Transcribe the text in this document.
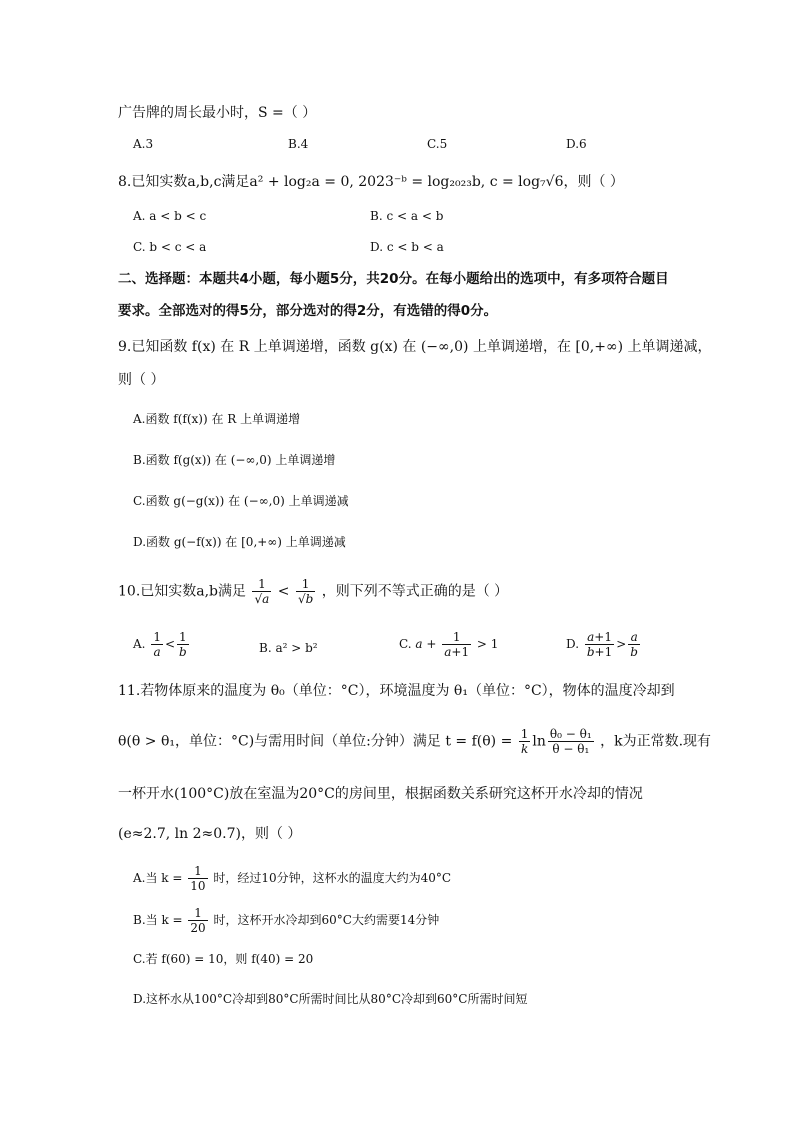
广告牌的周长最小时，S =（ ）
A.3	B.4	C.5	D.6
8.已知实数a,b,c满足a² + log₂a = 0, 2023⁻ᵇ = log₂₀₂₃b, c = log₇√6，则（ ）
A. a < b < c	B. c < a < b
C. b < c < a	D. c < b < a
二、选择题：本题共4小题，每小题5分，共20分。在每小题给出的选项中，有多项符合题目
要求。全部选对的得5分，部分选对的得2分，有选错的得0分。
9.已知函数 f(x) 在 R 上单调递增，函数 g(x) 在 (−∞,0) 上单调递增，在 [0,+∞) 上单调递减，
则（ ）
A.函数 f(f(x)) 在 R 上单调递增
B.函数 f(g(x)) 在 (−∞,0) 上单调递增
C.函数 g(−g(x)) 在 (−∞,0) 上单调递减
D.函数 g(−f(x)) 在 [0,+∞) 上单调递减
10.已知实数a,b满足 $\frac{1}{√a} < \frac{1}{√b}$ ，则下列不等式正确的是（ ）
A. $\frac{1}{a} < \frac{1}{b}$	B. a² > b²	C. $a + \frac{1}{a+1} > 1$	D. $\frac{a+1}{b+1} > \frac{a}{b}$
11.若物体原来的温度为 θ₀（单位：°C），环境温度为 θ₁（单位：°C），物体的温度冷却到
θ(θ > θ₁，单位：°C)与需用时间（单位:分钟）满足 $t = f(\theta) = \frac{1}{k}$ $\ln \frac{\text{θ₀ − θ₁}}{\text{θ − θ₁}}$ ，k为正常数.现有
一杯开水(100°C)放在室温为20°C的房间里，根据函数关系研究这杯开水冷却的情况
(e≈2.7, ln 2≈0.7)，则（ ）
A.当 $k = \frac{1}{10}$ 时，经过10分钟，这杯水的温度大约为40°C
B.当 $k = \frac{1}{20}$ 时，这杯开水冷却到60°C大约需要14分钟
C.若 f(60) = 10，则 f(40) = 20
D.这杯水从100°C冷却到80°C所需时间比从80°C冷却到60°C所需时间短
